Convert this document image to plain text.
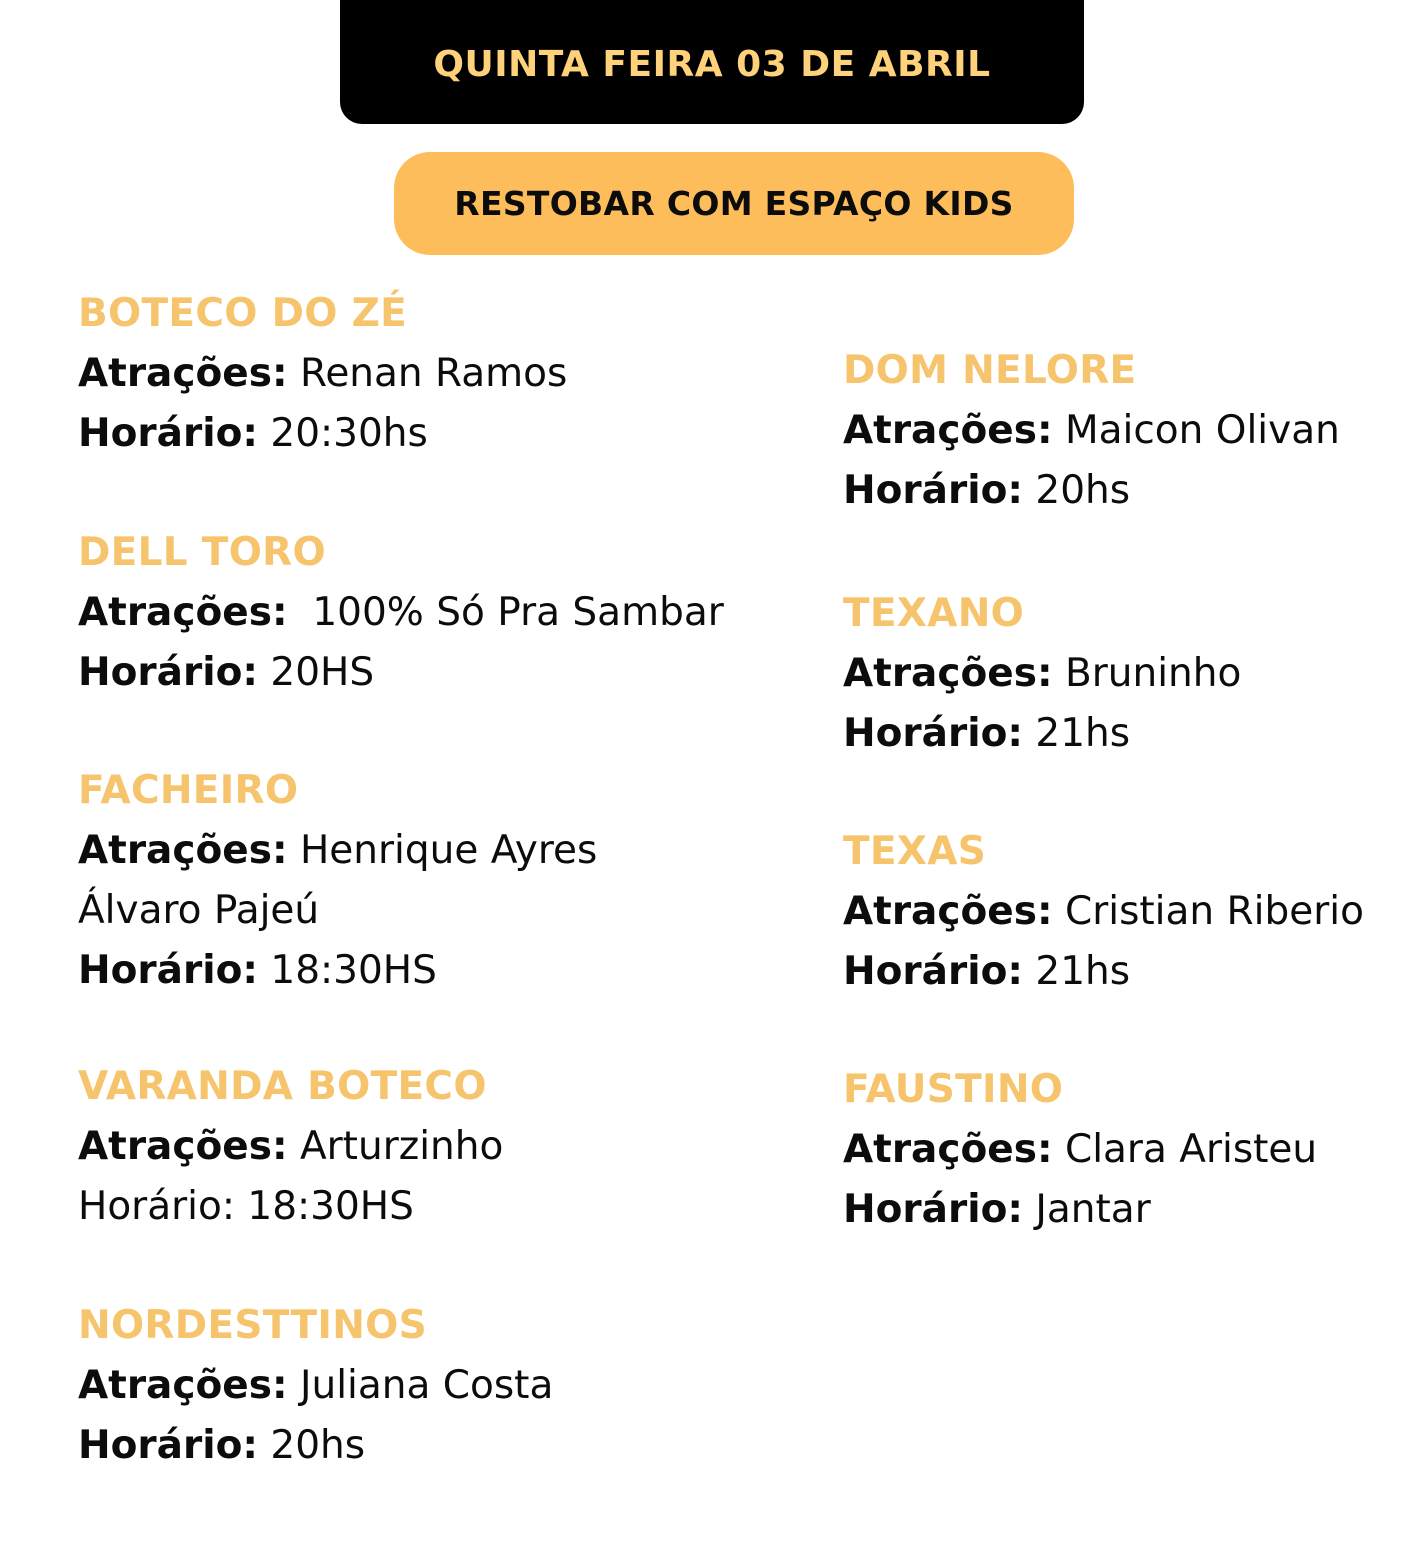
QUINTA FEIRA 03 DE ABRIL
RESTOBAR COM ESPAÇO KIDS
BOTECO DO ZÉ
Atrações: Renan Ramos
Horário: 20:30hs
DELL TORO
Atrações: 100% Só Pra Sambar
Horário: 20HS
FACHEIRO
Atrações: Henrique Ayres
Álvaro Pajeú
Horário: 18:30HS
VARANDA BOTECO
Atrações: Arturzinho
Horário: 18:30HS
NORDESTTINOS
Atrações: Juliana Costa
Horário: 20hs
DOM NELORE
Atrações: Maicon Olivan
Horário: 20hs
TEXANO
Atrações: Bruninho
Horário: 21hs
TEXAS
Atrações: Cristian Riberio
Horário: 21hs
FAUSTINO
Atrações: Clara Aristeu
Horário: Jantar
